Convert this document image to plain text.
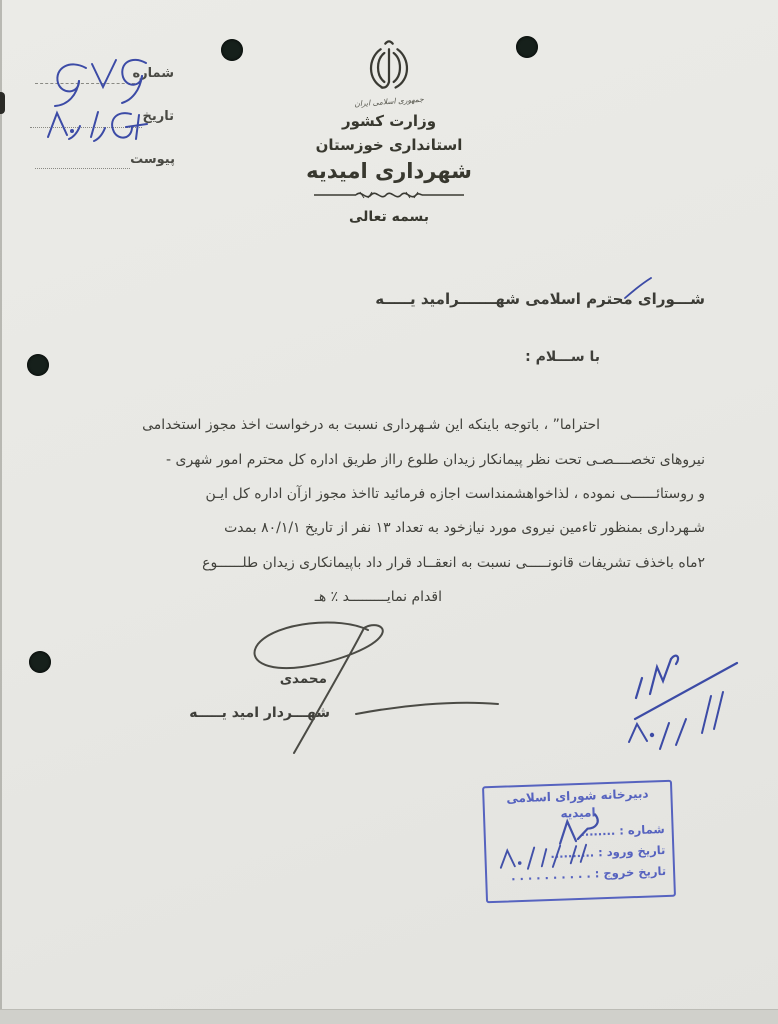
شماره
تاریخ
پیوست
جمهوری اسلامی ایران
وزارت کشور
استانداری خوزستان
شهرداری امیدیه
بسمه تعالی
شـــورای محترم اسلامی شهـــــــرامید یـــــه
با ســـلام :
احتراما” ، باتوجه باینکه این شـهرداری نسبت به درخواست اخذ مجوز استخدامی
نیروهای تخصــــصـی تحت نظر پیمانکار زیدان طلوع رااز طریق اداره کل محترم امور شهری -
و روستائــــــی نموده ، لذاخواهشمنداست اجازه فرمائید تااخذ مجوز ازآن اداره کل ایـن
شـهرداری بمنظور تاءمین نیروی مورد نیازخود به تعداد ۱۳ نفر از تاریخ ۸۰/۱/۱ بمدت
۲ماه باخذف تشریفات قانونـــــی نسبت به انعقــاد قرار داد باپیمانکاری زیدان طلــــــوع
اقدام نمایـــــــــد ٪ هـ
محمدی
شهـــردار امید یـــــه
دبیرخانه شورای اسلامی امیدیه
شماره : ....‎....
تاریخ ورود : ..........
تاریخ خروج : . . . . . . . . . .
